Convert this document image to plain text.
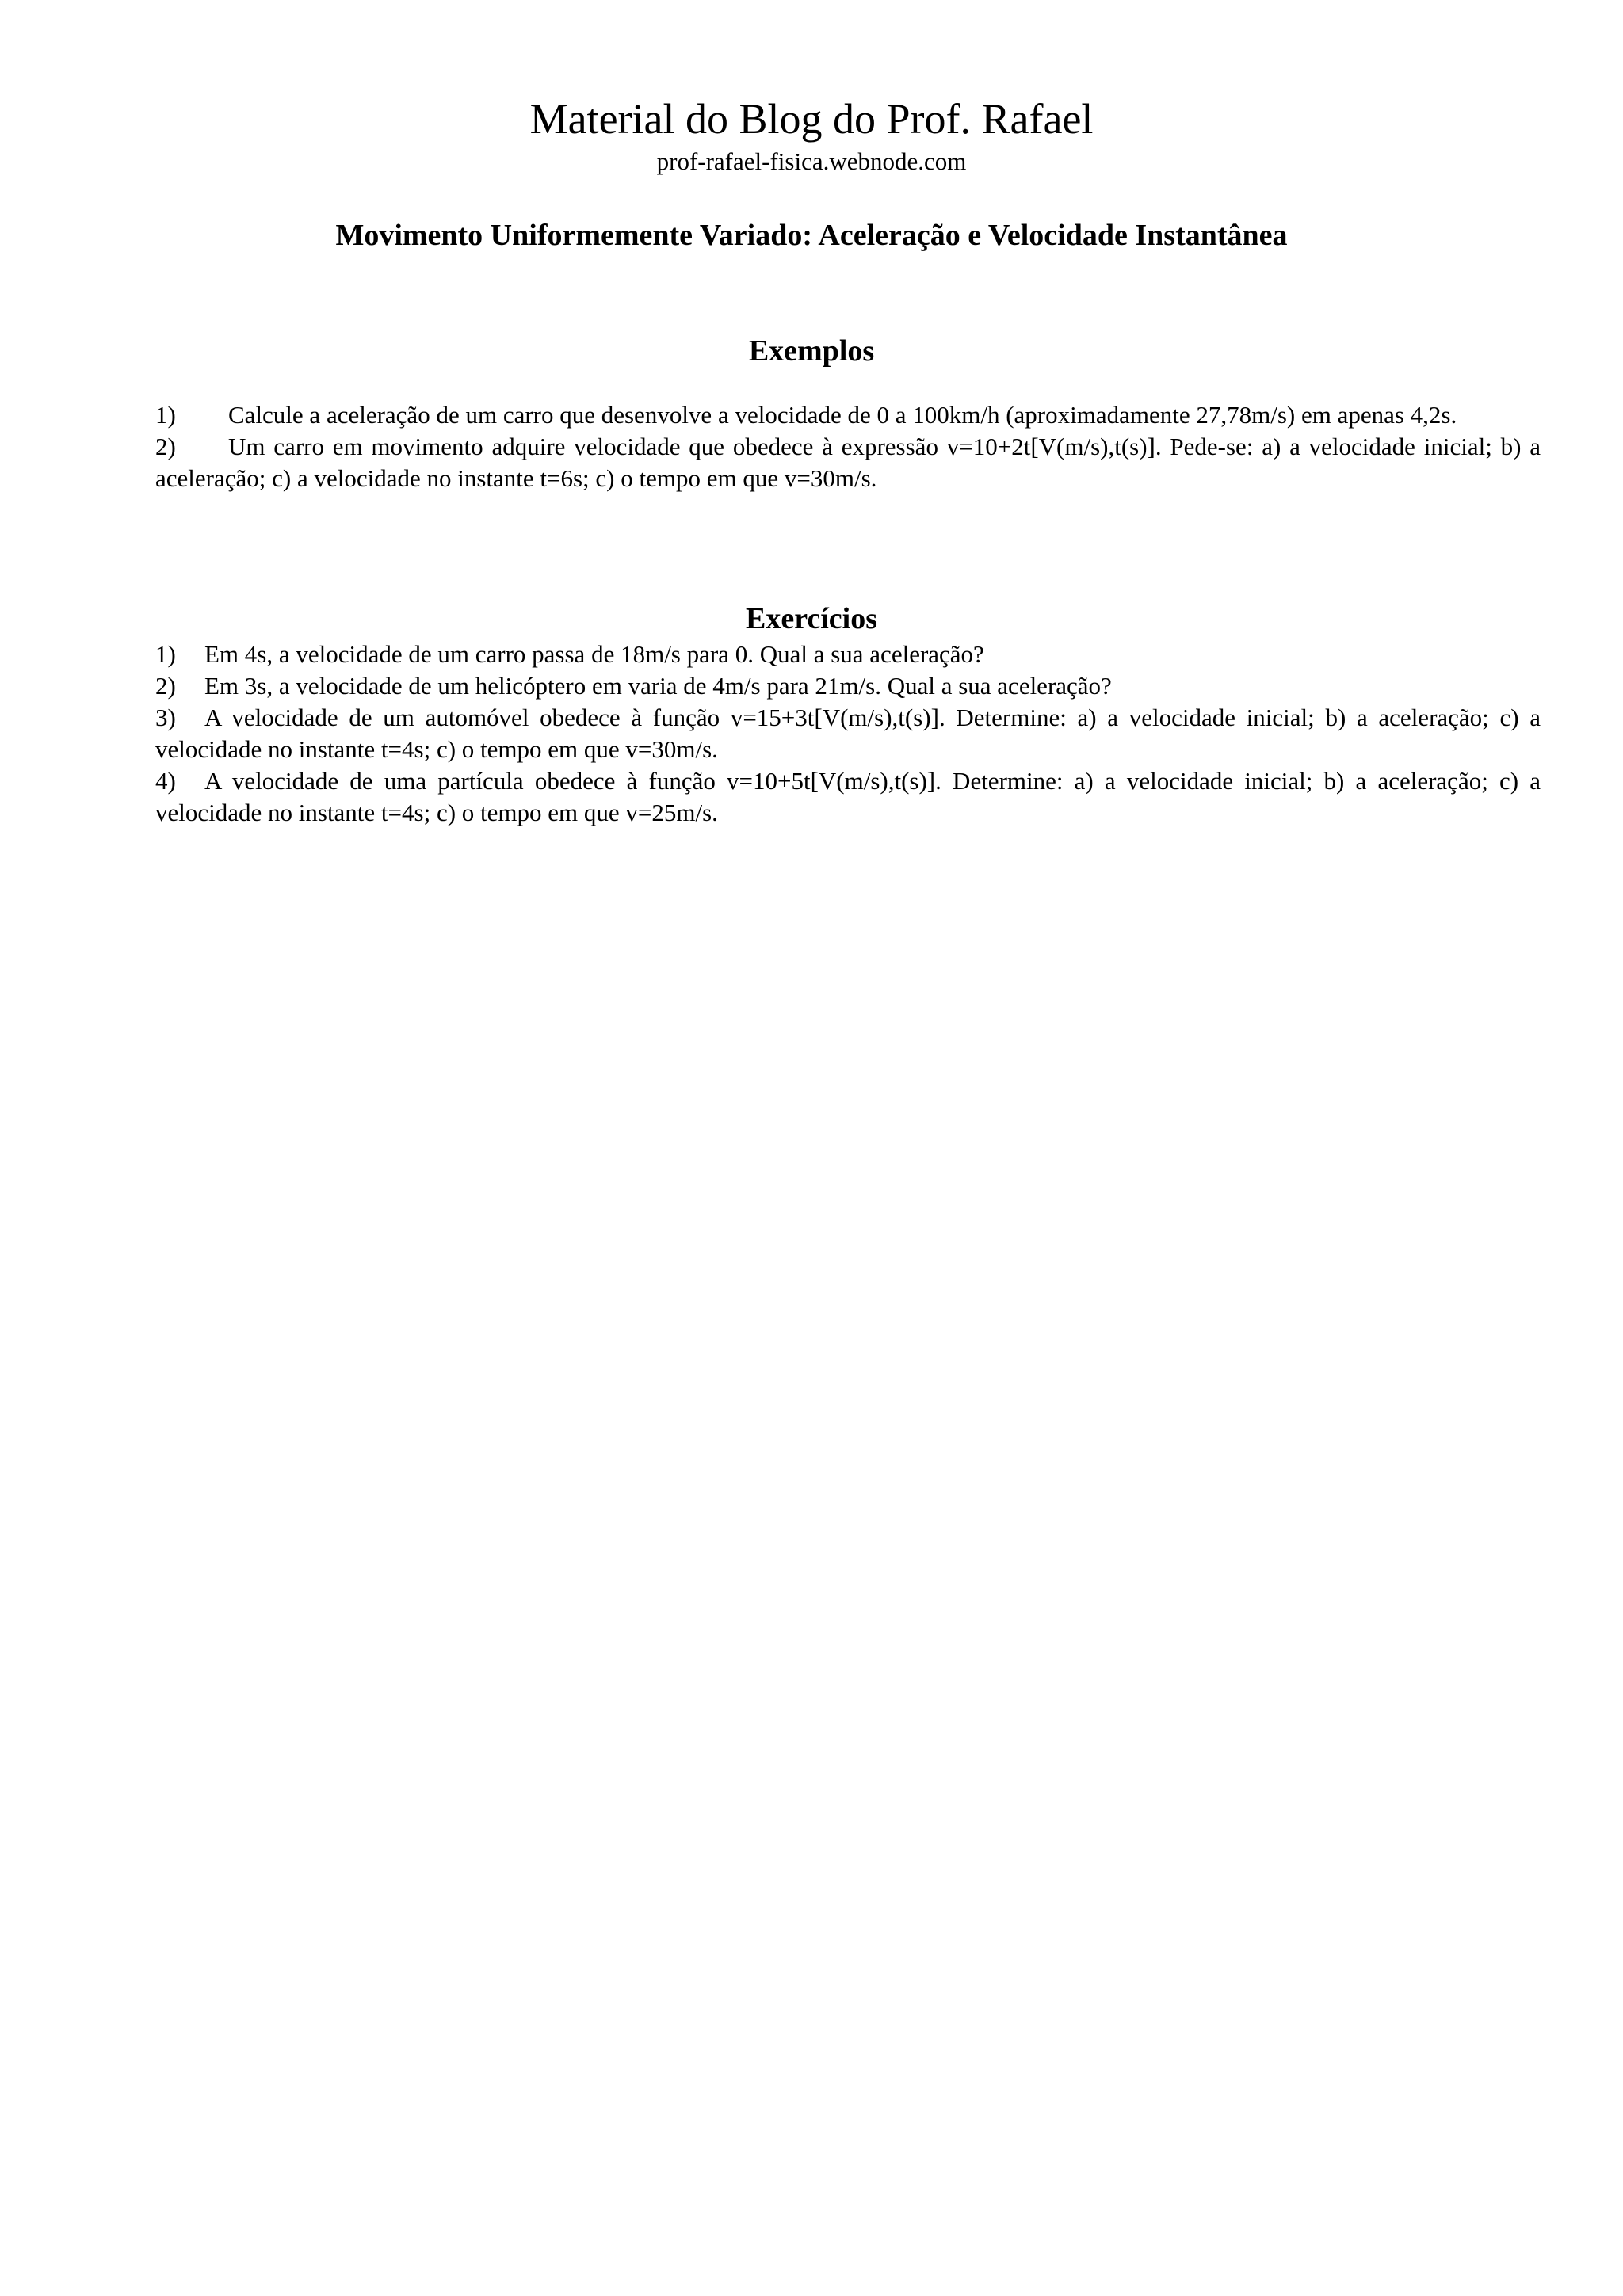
Material do Blog do Prof. Rafael
prof-rafael-fisica.webnode.com
Movimento Uniformemente Variado: Aceleração e Velocidade Instantânea
Exemplos

1) Calcule a aceleração de um carro que desenvolve a velocidade de 0 a 100km/h (aproximadamente 27,78m/s) em apenas 4,2s.

2) Um carro em movimento adquire velocidade que obedece à expressão v=10+2t[V(m/s),t(s)]. Pede-se: a) a velocidade inicial; b) a aceleração; c) a velocidade no instante t=6s; c) o tempo em que v=30m/s.

Exercícios

1) Em 4s, a velocidade de um carro passa de 18m/s para 0. Qual a sua aceleração?

2) Em 3s, a velocidade de um helicóptero em varia de 4m/s para 21m/s. Qual a sua aceleração?

3) A velocidade de um automóvel obedece à função v=15+3t[V(m/s),t(s)]. Determine: a) a velocidade inicial; b) a aceleração; c) a velocidade no instante t=4s; c) o tempo em que v=30m/s.

4) A velocidade de uma partícula obedece à função v=10+5t[V(m/s),t(s)]. Determine: a) a velocidade inicial; b) a aceleração; c) a velocidade no instante t=4s; c) o tempo em que v=25m/s.
